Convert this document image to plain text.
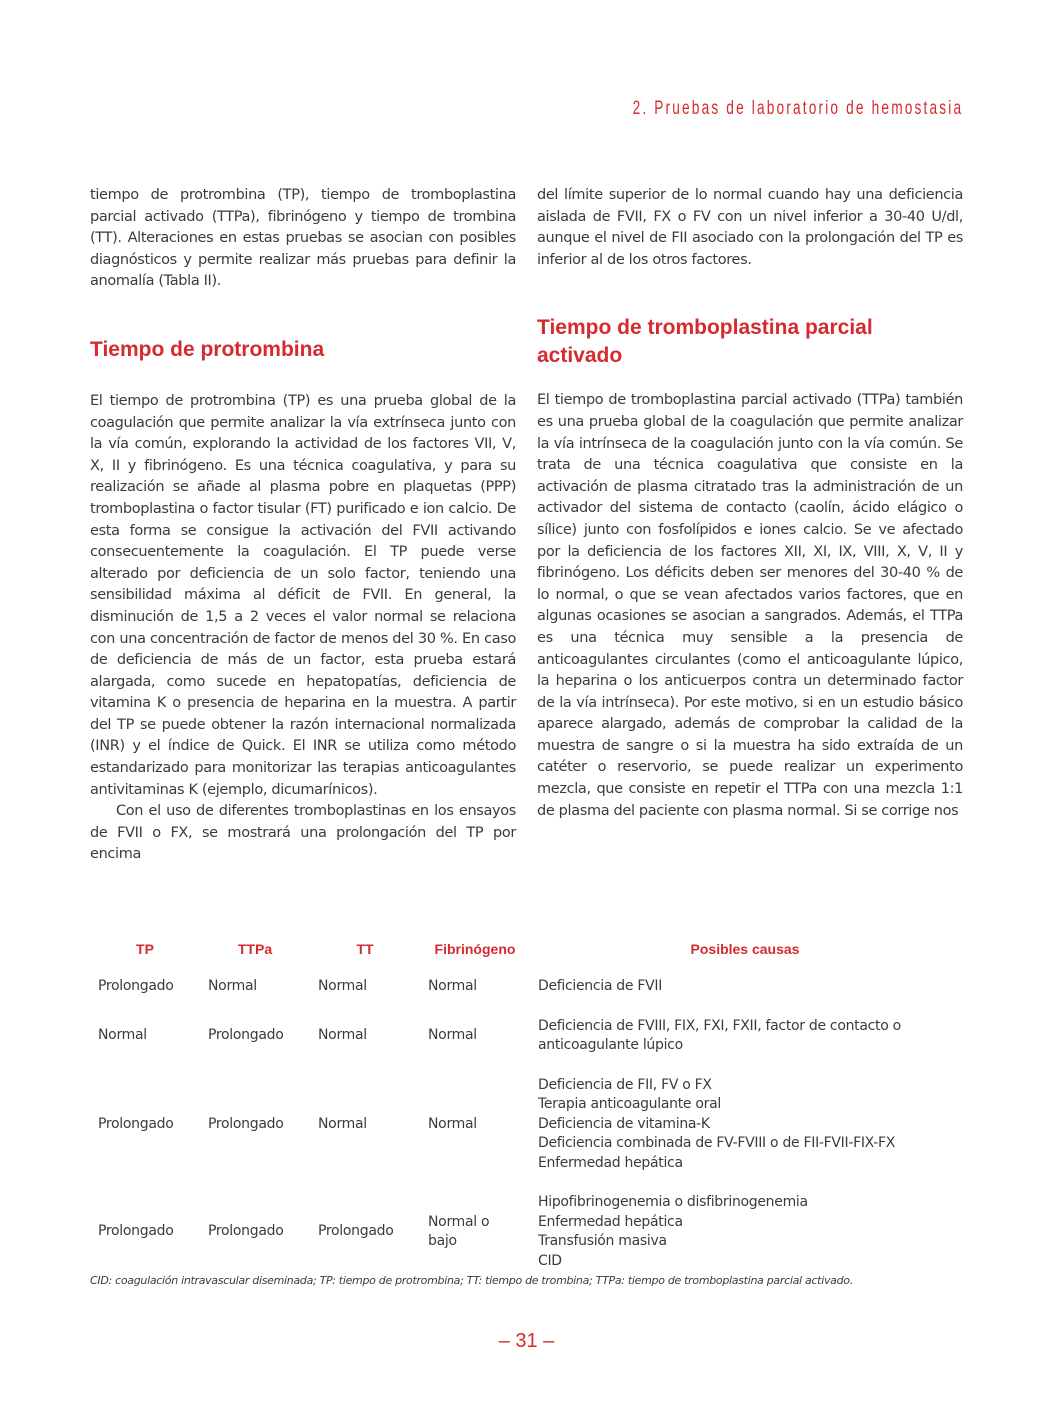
2. Pruebas de laboratorio de hemostasia

tiempo de protrombina (TP), tiempo de tromboplastina parcial activado (TTPa), fibrinógeno y tiempo de trombina (TT). Alteraciones en estas pruebas se asocian con posibles diagnósticos y permite realizar más pruebas para definir la anomalía (Tabla II).

Tiempo de protrombina

El tiempo de protrombina (TP) es una prueba global de la coagulación que permite analizar la vía extrínseca junto con la vía común, explorando la actividad de los factores VII, V, X, II y fibrinógeno. Es una técnica coagulativa, y para su realización se añade al plasma pobre en plaquetas (PPP) tromboplastina o factor tisular (FT) purificado e ion calcio. De esta forma se consigue la activación del FVII activando consecuentemente la coagulación. El TP puede verse alterado por deficiencia de un solo factor, teniendo una sensibilidad máxima al déficit de FVII. En general, la disminución de 1,5 a 2 veces el valor normal se relaciona con una concentración de factor de menos del 30 %. En caso de deficiencia de más de un factor, esta prueba estará alargada, como sucede en hepatopatías, deficiencia de vitamina K o presencia de heparina en la muestra. A partir del TP se puede obtener la razón internacional normalizada (INR) y el índice de Quick. El INR se utiliza como método estandarizado para monitorizar las terapias anticoagulantes antivitaminas K (ejemplo, dicumarínicos).

Con el uso de diferentes tromboplastinas en los ensayos de FVII o FX, se mostrará una prolongación del TP por encima

del límite superior de lo normal cuando hay una deficiencia aislada de FVII, FX o FV con un nivel inferior a 30-40 U/dl, aunque el nivel de FII asociado con la prolongación del TP es inferior al de los otros factores.

Tiempo de tromboplastina parcial activado

El tiempo de tromboplastina parcial activado (TTPa) también es una prueba global de la coagulación que permite analizar la vía intrínseca de la coagulación junto con la vía común. Se trata de una técnica coagulativa que consiste en la activación de plasma citratado tras la administración de un activador del sistema de contacto (caolín, ácido elágico o sílice) junto con fosfolípidos e iones calcio. Se ve afectado por la deficiencia de los factores XII, XI, IX, VIII, X, V, II y fibrinógeno. Los déficits deben ser menores del 30-40 % de lo normal, o que se vean afectados varios factores, que en algunas ocasiones se asocian a sangrados. Además, el TTPa es una técnica muy sensible a la presencia de anticoagulantes circulantes (como el anticoagulante lúpico, la heparina o los anticuerpos contra un determinado factor de la vía intrínseca). Por este motivo, si en un estudio básico aparece alargado, además de comprobar la calidad de la muestra de sangre o si la muestra ha sido extraída de un catéter o reservorio, se puede realizar un experimento mezcla, que consiste en repetir el TTPa con una mezcla 1:1 de plasma del paciente con plasma normal. Si se corrige nos

TP	TTPa	TT	Fibrinógeno	Posibles causas
Prolongado	Normal	Normal	Normal	Deficiencia de FVII

Normal	Prolongado	Normal	Normal	Deficiencia de FVIII, FIX, FXI, FXII, factor de contacto o
anticoagulante lúpico

Prolongado	Prolongado	Normal	Normal	Deficiencia de FII, FV o FX
Terapia anticoagulante oral
Deficiencia de vitamina-K
Deficiencia combinada de FV-FVIII o de FII-FVII-FIX-FX
Enfermedad hepática

Prolongado	Prolongado	Prolongado	Normal o bajo	Hipofibrinogenemia o disfibrinogenemia
Enfermedad hepática
Transfusión masiva
CID
CID: coagulación intravascular diseminada; TP: tiempo de protrombina; TT: tiempo de trombina; TTPa: tiempo de tromboplastina parcial activado.
– 31 –
